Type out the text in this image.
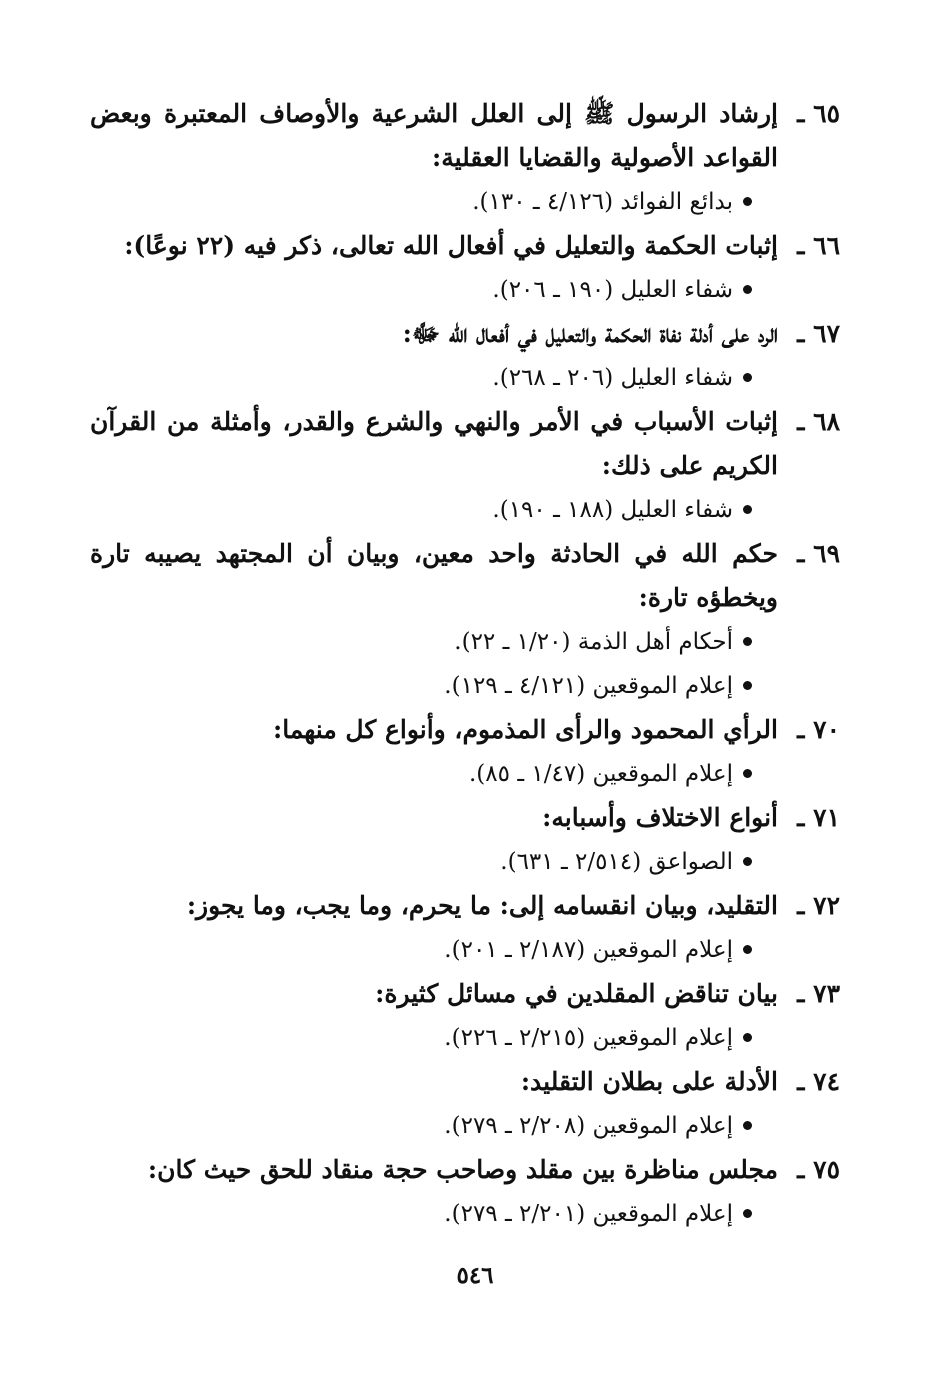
٦٥ ـ
إرشاد الرسول ﷺ إلى العلل الشرعية والأوصاف المعتبرة وبعض القواعد الأصولية والقضايا العقلية:
بدائع الفوائد (٤/١٢٦ ـ ١٣٠).
٦٦ ـ
إثبات الحكمة والتعليل في أفعال الله تعالى، ذكر فيه (٢٢ نوعًا):
شفاء العليل (١٩٠ ـ ٢٠٦).
٦٧ ـ
الرد على أدلة نفاة الحكمة والتعليل في أفعال الله ﷻ:
شفاء العليل (٢٠٦ ـ ٢٦٨).
٦٨ ـ
إثبات الأسباب في الأمر والنهي والشرع والقدر، وأمثلة من القرآن الكريم على ذلك:
شفاء العليل (١٨٨ ـ ١٩٠).
٦٩ ـ
حكم الله في الحادثة واحد معين، وبيان أن المجتهد يصيبه تارة ويخطؤه تارة:
أحكام أهل الذمة (١/٢٠ ـ ٢٢).
إعلام الموقعين (٤/١٢١ ـ ١٢٩).
٧٠ ـ
الرأي المحمود والرأى المذموم، وأنواع كل منهما:
إعلام الموقعين (١/٤٧ ـ ٨٥).
٧١ ـ
أنواع الاختلاف وأسبابه:
الصواعق (٢/٥١٤ ـ ٦٣١).
٧٢ ـ
التقليد، وبيان انقسامه إلى: ما يحرم، وما يجب، وما يجوز:
إعلام الموقعين (٢/١٨٧ ـ ٢٠١).
٧٣ ـ
بيان تناقض المقلدين في مسائل كثيرة:
إعلام الموقعين (٢/٢١٥ ـ ٢٢٦).
٧٤ ـ
الأدلة على بطلان التقليد:
إعلام الموقعين (٢/٢٠٨ ـ ٢٧٩).
٧٥ ـ
مجلس مناظرة بين مقلد وصاحب حجة منقاد للحق حيث كان:
إعلام الموقعين (٢/٢٠١ ـ ٢٧٩).
٥٤٦
